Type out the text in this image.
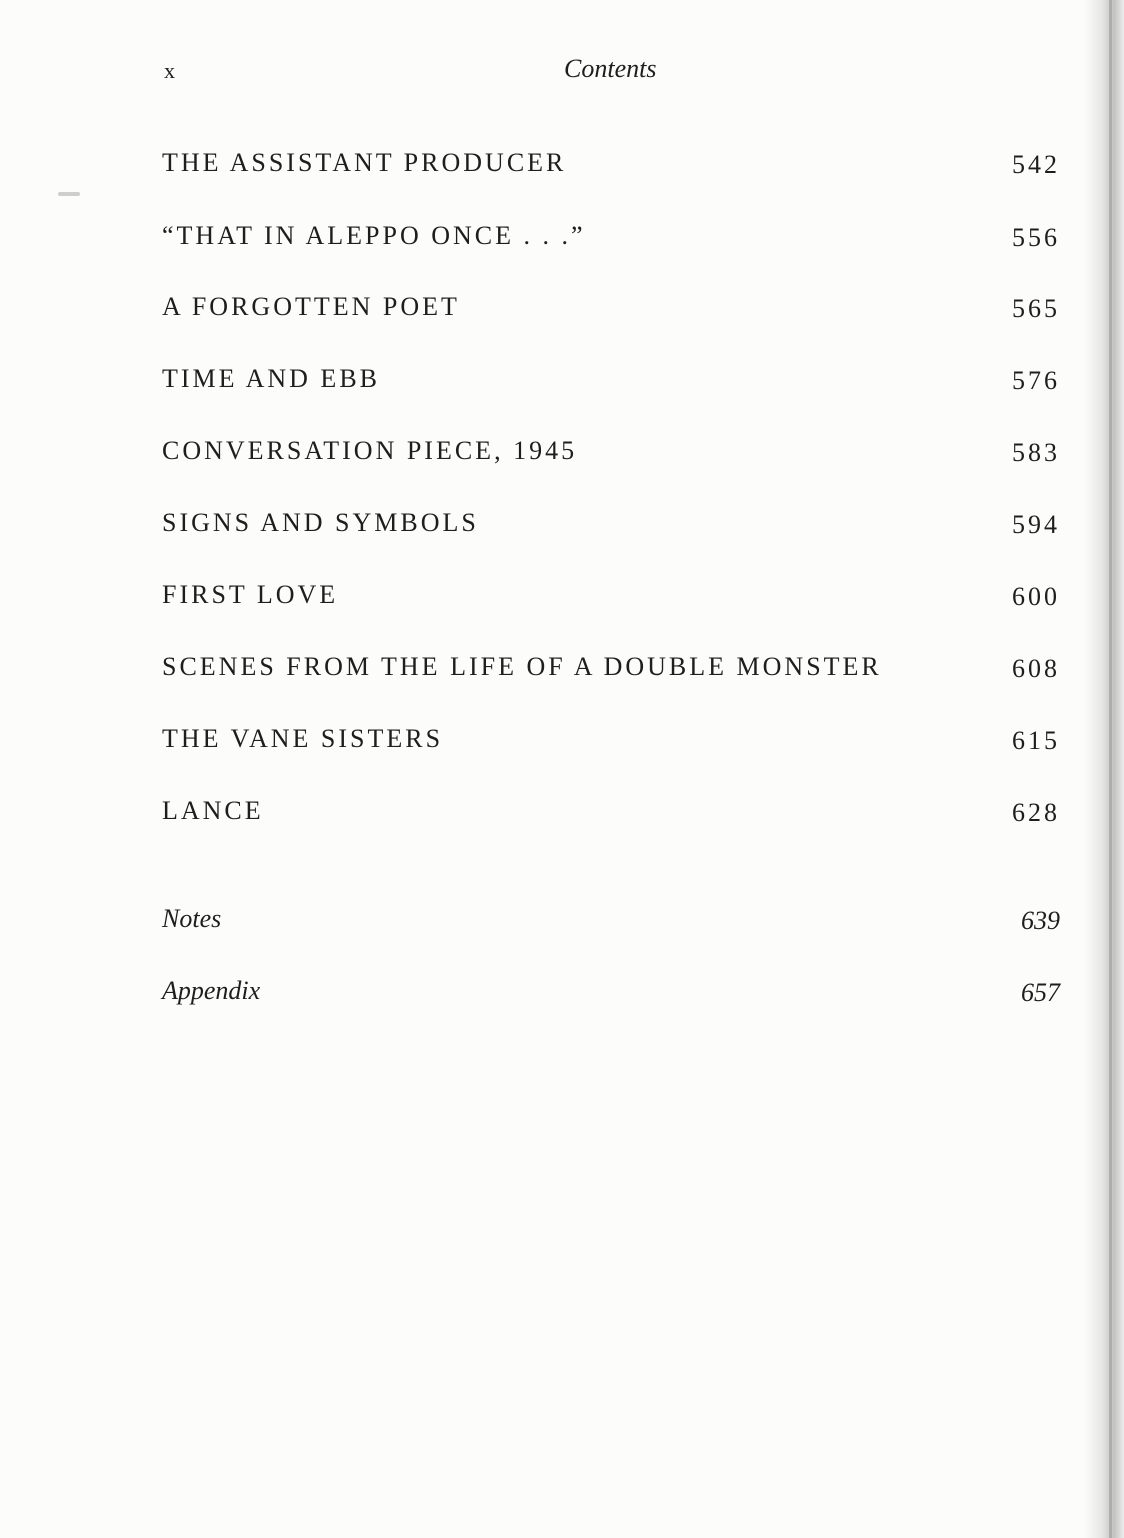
x	Contents
THE ASSISTANT PRODUCER	542
“THAT IN ALEPPO ONCE . . .”	556
A FORGOTTEN POET	565
TIME AND EBB	576
CONVERSATION PIECE, 1945	583
SIGNS AND SYMBOLS	594
FIRST LOVE	600
SCENES FROM THE LIFE OF A DOUBLE MONSTER	608
THE VANE SISTERS	615
LANCE	628
Notes	639
Appendix	657
